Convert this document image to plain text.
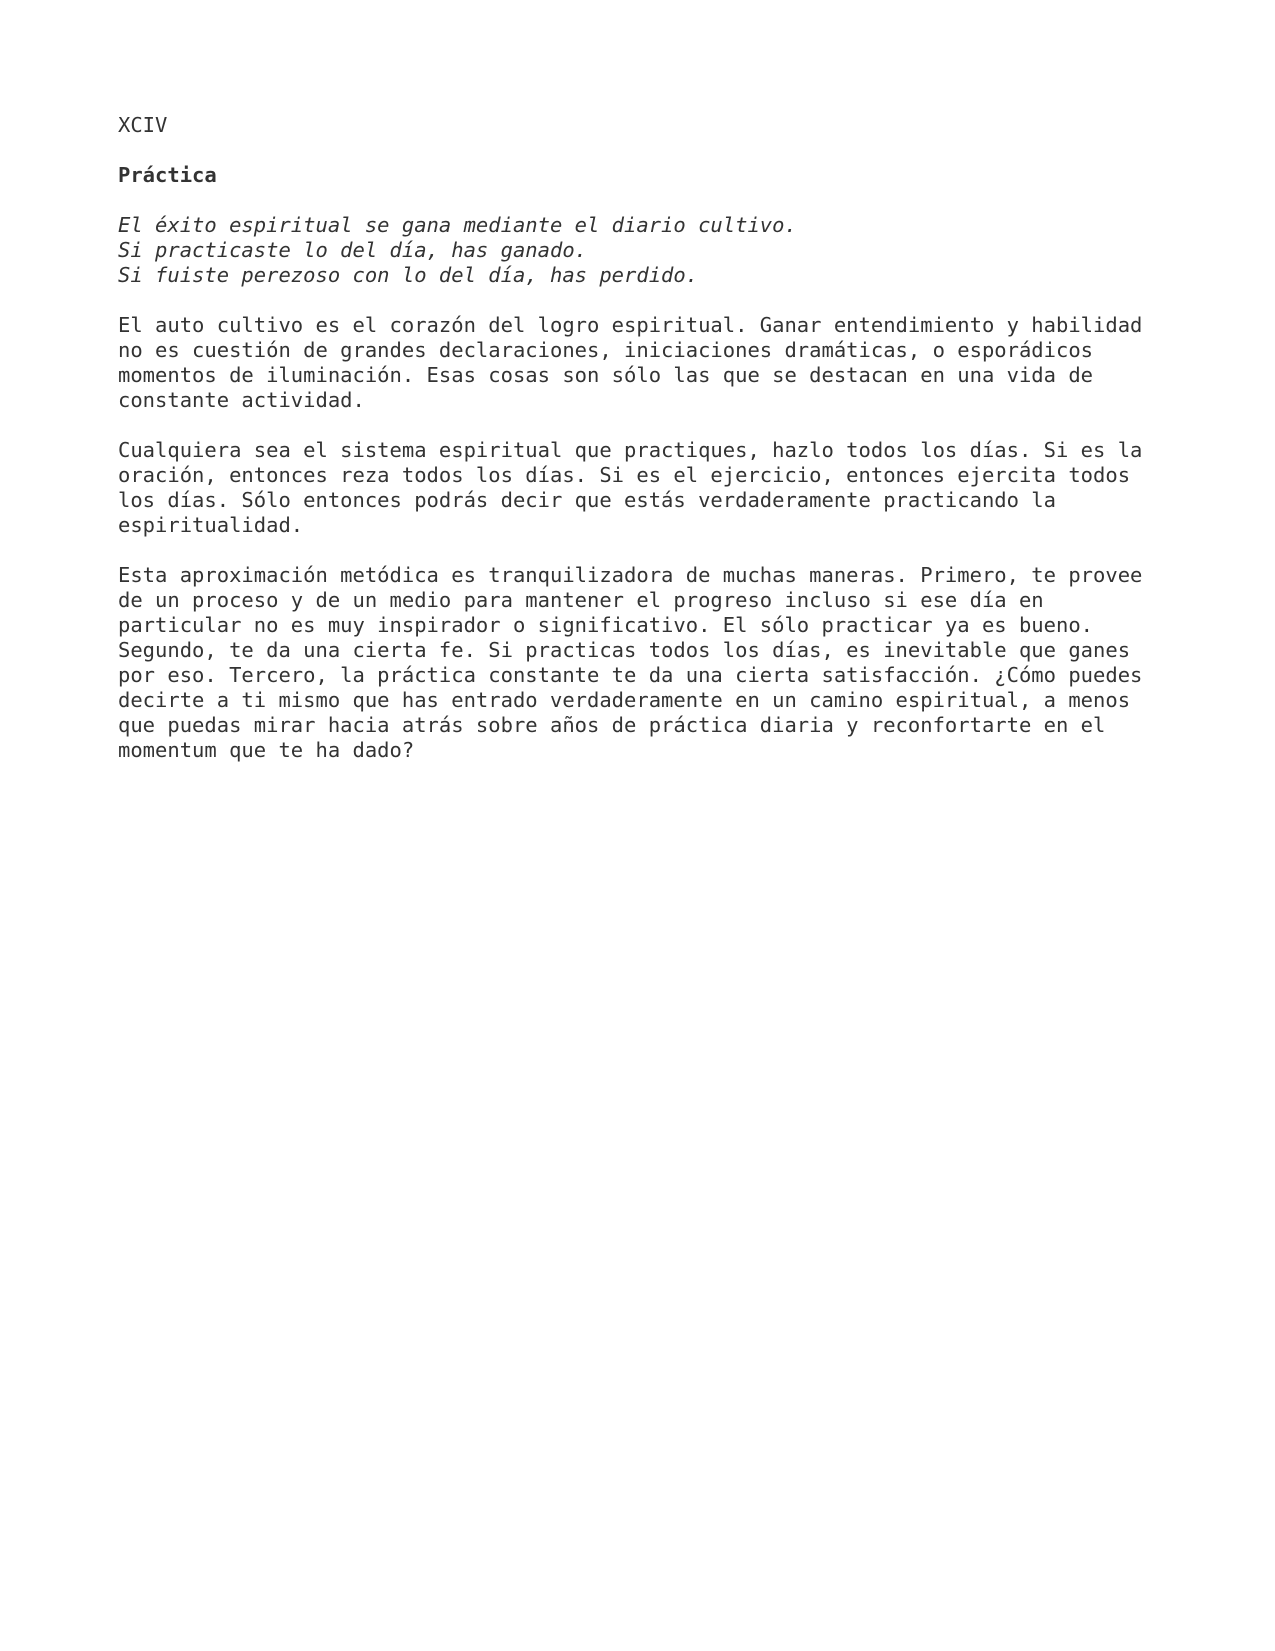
XCIV
Práctica
El éxito espiritual se gana mediante el diario cultivo.
Si practicaste lo del día, has ganado.
Si fuiste perezoso con lo del día, has perdido.

El auto cultivo es el corazón del logro espiritual. Ganar entendimiento y habilidad
no es cuestión de grandes declaraciones, iniciaciones dramáticas, o esporádicos
momentos de iluminación. Esas cosas son sólo las que se destacan en una vida de
constante actividad.

Cualquiera sea el sistema espiritual que practiques, hazlo todos los días. Si es la
oración, entonces reza todos los días. Si es el ejercicio, entonces ejercita todos
los días. Sólo entonces podrás decir que estás verdaderamente practicando la
espiritualidad.

Esta aproximación metódica es tranquilizadora de muchas maneras. Primero, te provee
de un proceso y de un medio para mantener el progreso incluso si ese día en
particular no es muy inspirador o significativo. El sólo practicar ya es bueno.
Segundo, te da una cierta fe. Si practicas todos los días, es inevitable que ganes
por eso. Tercero, la práctica constante te da una cierta satisfacción. ¿Cómo puedes
decirte a ti mismo que has entrado verdaderamente en un camino espiritual, a menos
que puedas mirar hacia atrás sobre años de práctica diaria y reconfortarte en el
momentum que te ha dado?
